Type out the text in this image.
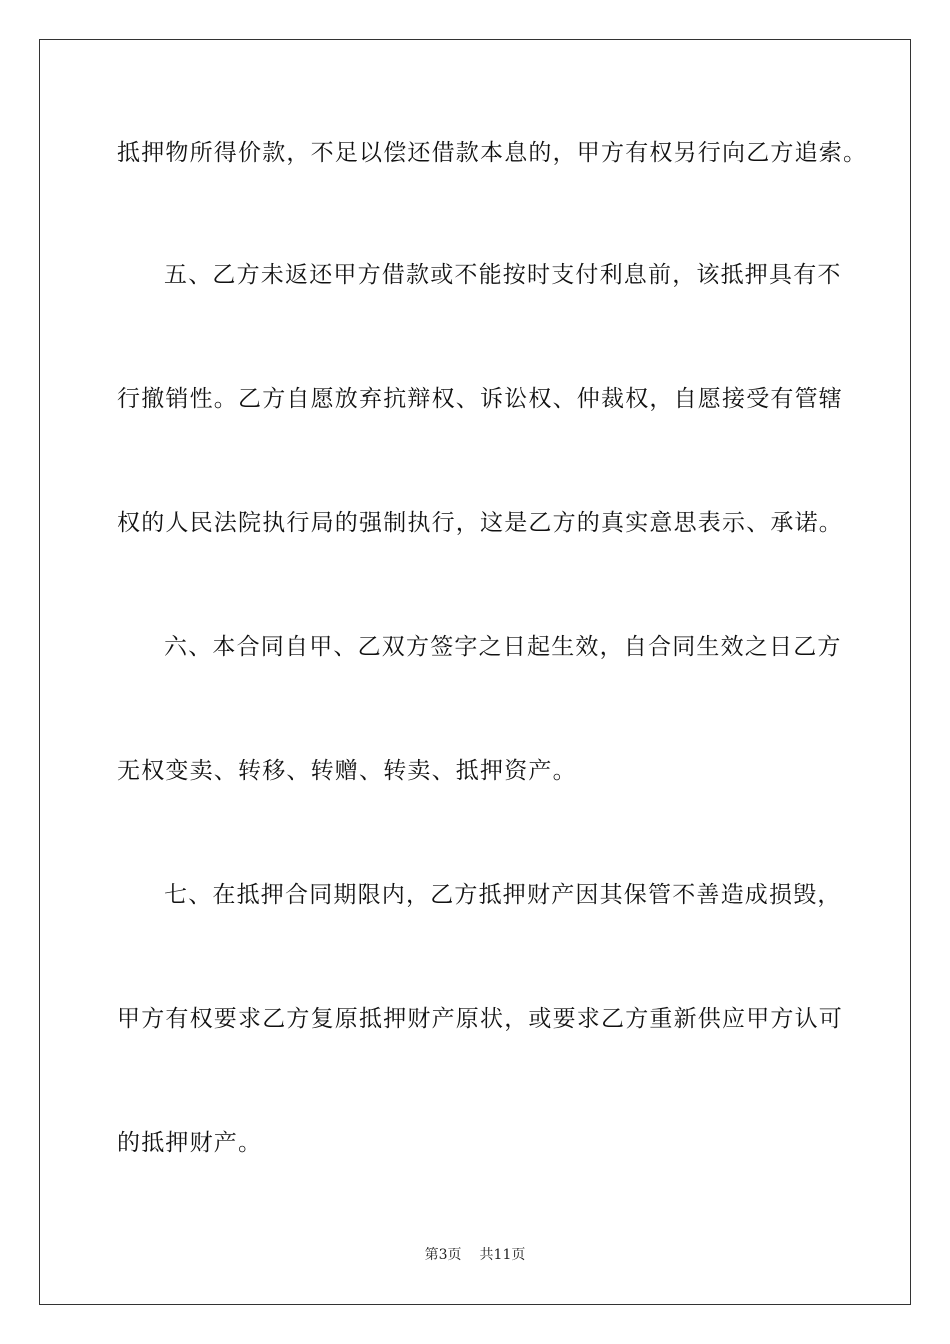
抵押物所得价款，不足以偿还借款本息的，甲方有权另行向乙方追索。
五、乙方未返还甲方借款或不能按时支付利息前，该抵押具有不
行撤销性。乙方自愿放弃抗辩权、诉讼权、仲裁权，自愿接受有管辖
权的人民法院执行局的强制执行，这是乙方的真实意思表示、承诺。
六、本合同自甲、乙双方签字之日起生效，自合同生效之日乙方
无权变卖、转移、转赠、转卖、抵押资产。
七、在抵押合同期限内，乙方抵押财产因其保管不善造成损毁，
甲方有权要求乙方复原抵押财产原状，或要求乙方重新供应甲方认可
的抵押财产。
第3页 共11页
